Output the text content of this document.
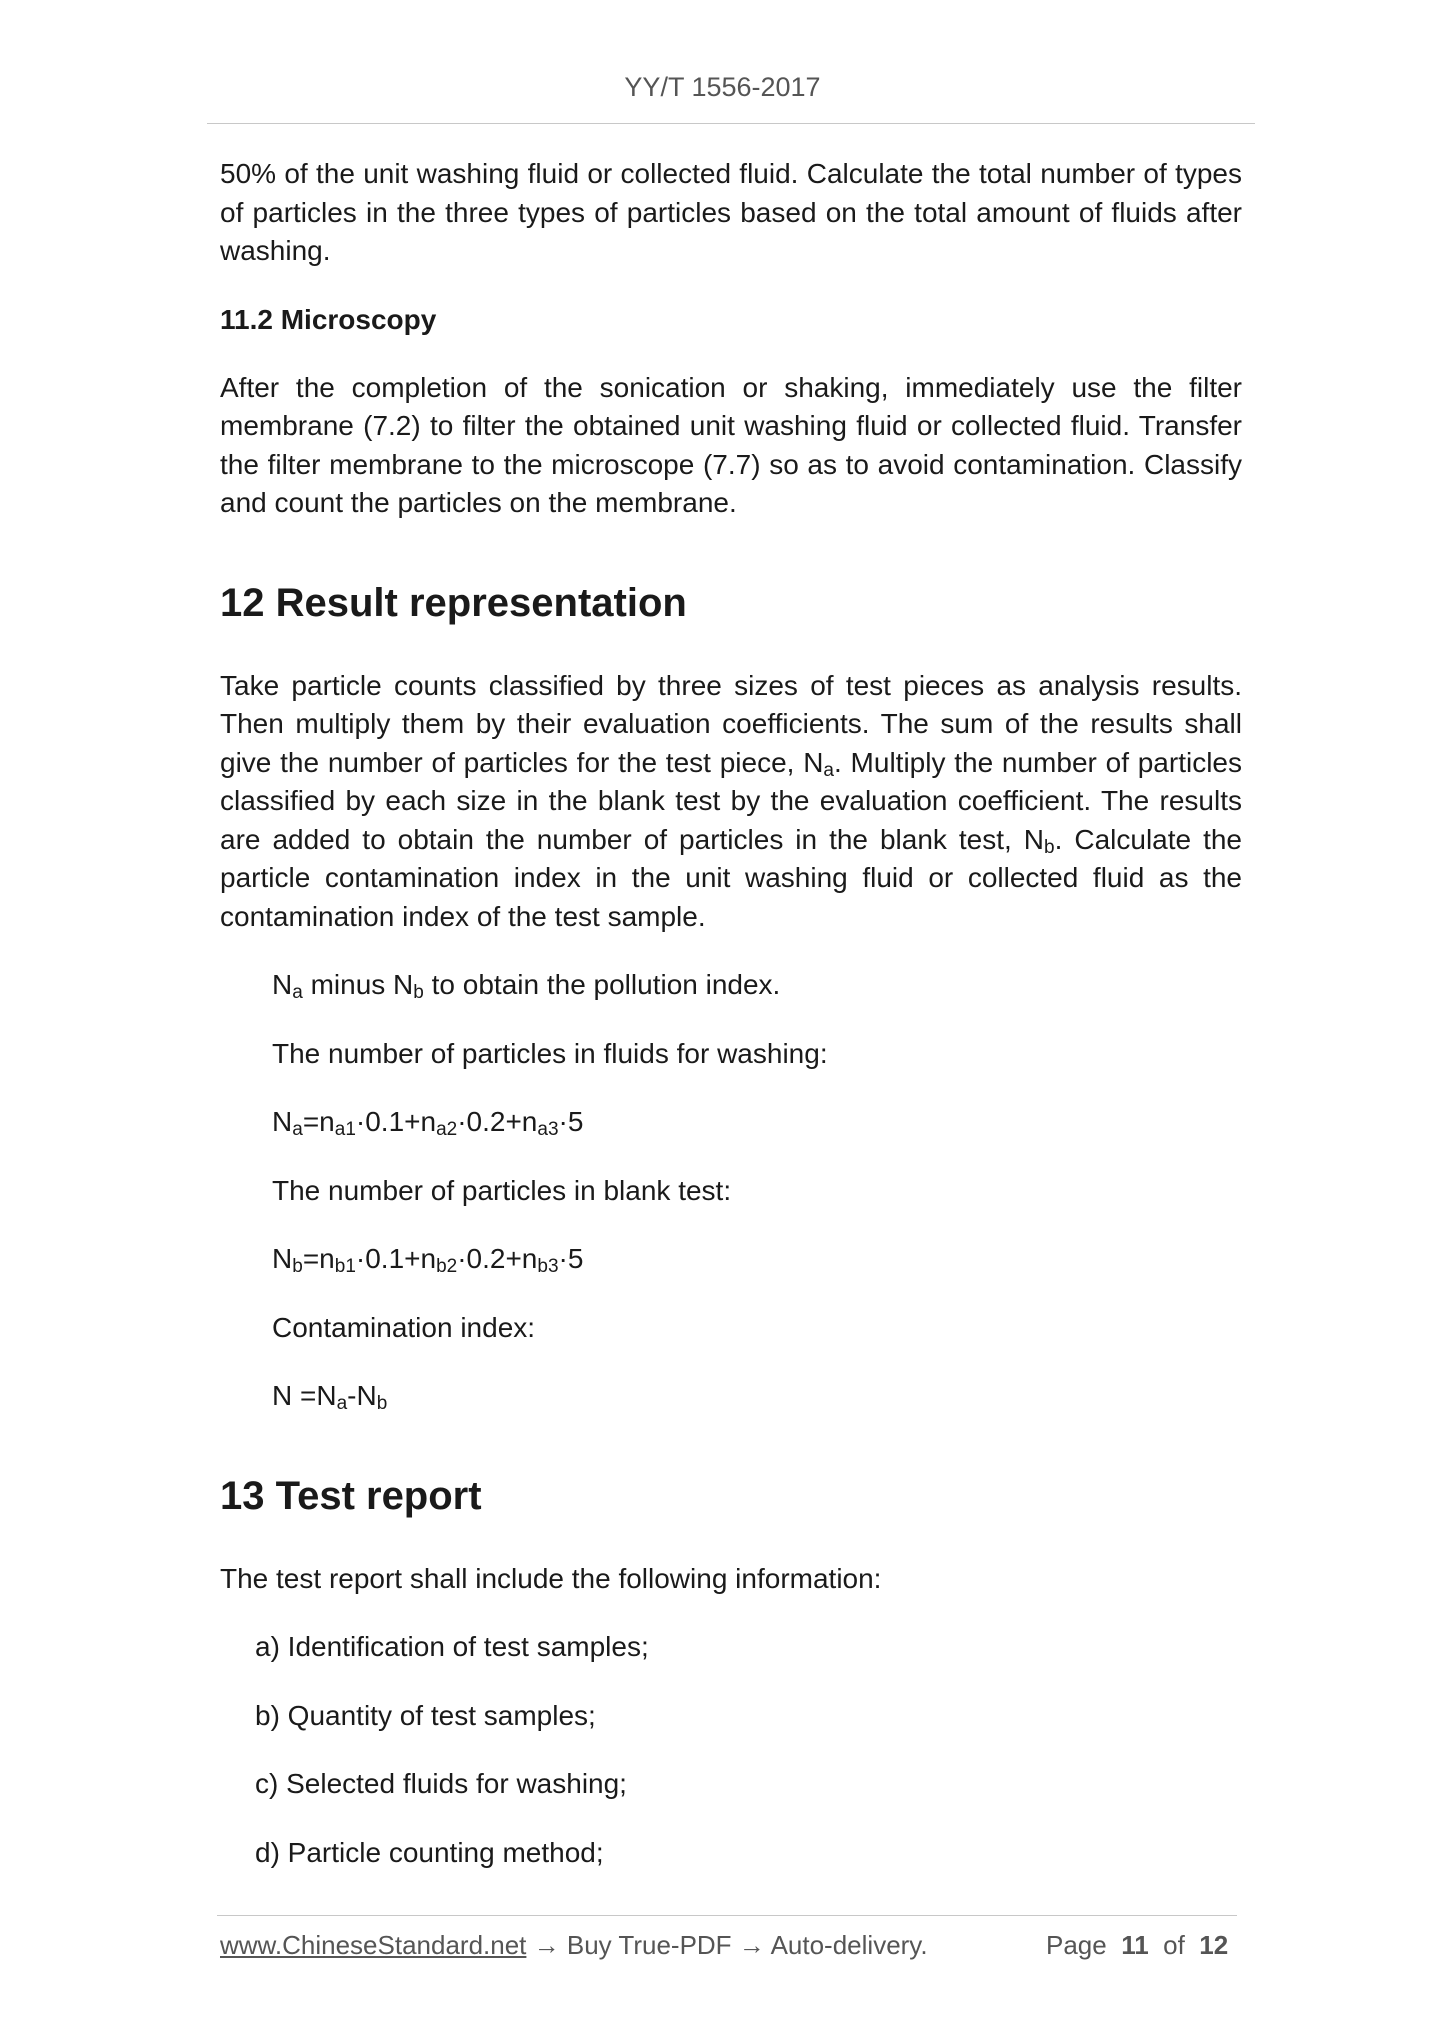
YY/T 1556-2017

50% of the unit washing fluid or collected fluid. Calculate the total number of types of particles in the three types of particles based on the total amount of fluids after washing.

11.2 Microscopy

After the completion of the sonication or shaking, immediately use the filter membrane (7.2) to filter the obtained unit washing fluid or collected fluid. Transfer the filter membrane to the microscope (7.7) so as to avoid contamination. Classify and count the particles on the membrane.

12 Result representation

Take particle counts classified by three sizes of test pieces as analysis results. Then multiply them by their evaluation coefficients. The sum of the results shall give the number of particles for the test piece, $N_a$. Multiply the number of particles classified by each size in the blank test by the evaluation coefficient. The results are added to obtain the number of particles in the blank test, $N_b$. Calculate the particle contamination index in the unit washing fluid or collected fluid as the contamination index of the test sample.

$N_a$ minus $N_b$ to obtain the pollution index.

The number of particles in fluids for washing:

$N_a=n_{a1}\cdot 0.1+n_{a2}\cdot 0.2+n_{a3}\cdot 5$

The number of particles in blank test:

$N_b=n_{b1}\cdot 0.1+n_{b2}\cdot 0.2+n_{b3}\cdot 5$

Contamination index:

$N =N_a-N_b$

13 Test report

The test report shall include the following information:

a) Identification of test samples;

b) Quantity of test samples;

c) Selected fluids for washing;

d) Particle counting method;

www.ChineseStandard.net → Buy True-PDF → Auto-delivery.	Page 11 of 12
